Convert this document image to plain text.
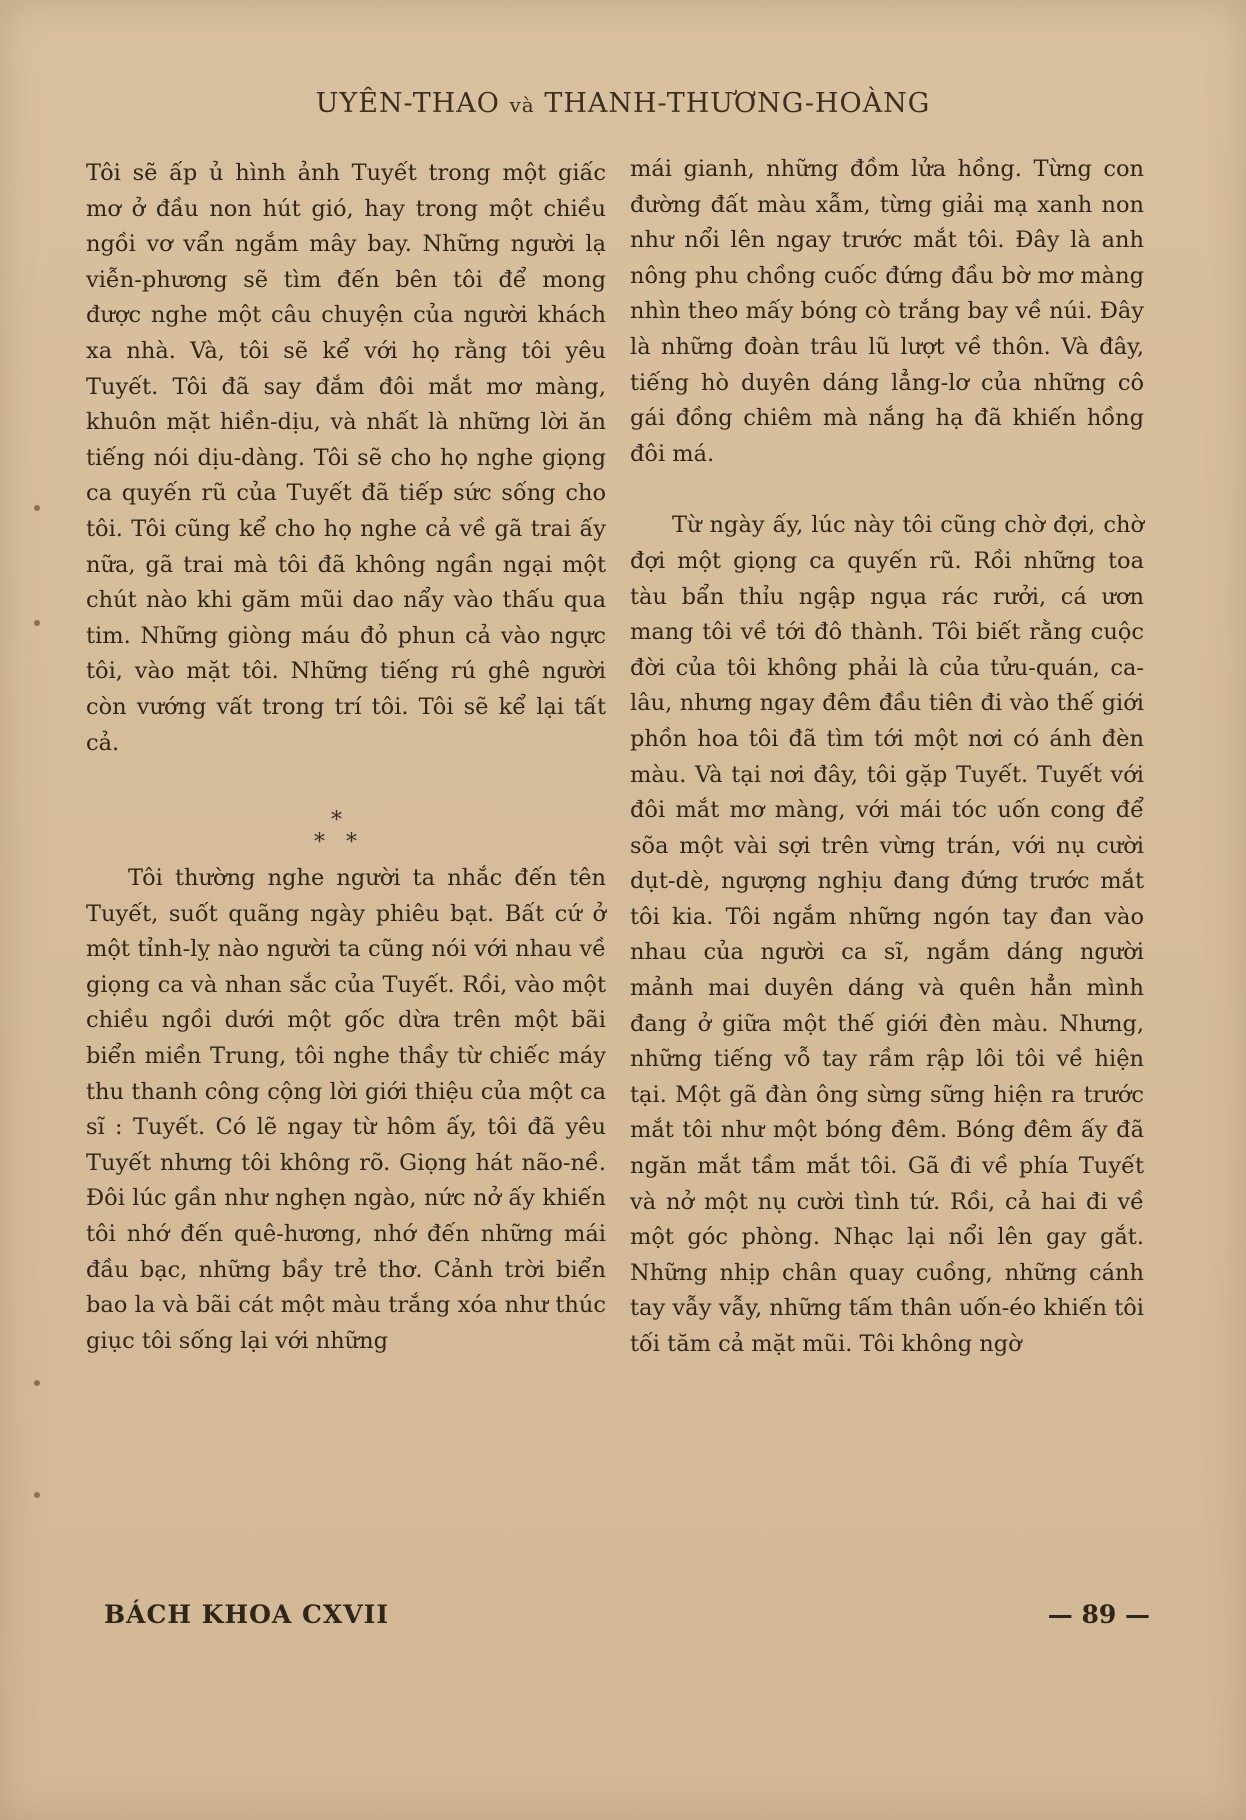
UYÊN-THAO và THANH-THƯƠNG-HOÀNG

Tôi sẽ ấp ủ hình ảnh Tuyết trong một giấc mơ ở đầu non hút gió, hay trong một chiều ngồi vơ vẩn ngắm mây bay. Những người lạ viễn-phương sẽ tìm đến bên tôi để mong được nghe một câu chuyện của người khách xa nhà. Và, tôi sẽ kể với họ rằng tôi yêu Tuyết. Tôi đã say đắm đôi mắt mơ màng, khuôn mặt hiền-dịu, và nhất là những lời ăn tiếng nói dịu-dàng. Tôi sẽ cho họ nghe giọng ca quyến rũ của Tuyết đã tiếp sức sống cho tôi. Tôi cũng kể cho họ nghe cả về gã trai ấy nữa, gã trai mà tôi đã không ngần ngại một chút nào khi găm mũi dao nẩy vào thấu qua tim. Những giòng máu đỏ phun cả vào ngực tôi, vào mặt tôi. Những tiếng rú ghê người còn vướng vất trong trí tôi. Tôi sẽ kể lại tất cả.

*
* *

Tôi thường nghe người ta nhắc đến tên Tuyết, suốt quãng ngày phiêu bạt. Bất cứ ở một tỉnh-lỵ nào người ta cũng nói với nhau về giọng ca và nhan sắc của Tuyết. Rồi, vào một chiều ngồi dưới một gốc dừa trên một bãi biển miền Trung, tôi nghe thầy từ chiếc máy thu thanh công cộng lời giới thiệu của một ca sĩ : Tuyết. Có lẽ ngay từ hôm ấy, tôi đã yêu Tuyết nhưng tôi không rõ. Giọng hát não-nề. Đôi lúc gần như nghẹn ngào, nức nở ấy khiến tôi nhớ đến quê-hương, nhớ đến những mái đầu bạc, những bầy trẻ thơ. Cảnh trời biển bao la và bãi cát một màu trắng xóa như thúc giục tôi sống lại với những

mái gianh, những đồm lửa hồng. Từng con đường đất màu xẫm, từng giải mạ xanh non như nổi lên ngay trước mắt tôi. Đây là anh nông phu chồng cuốc đứng đầu bờ mơ màng nhìn theo mấy bóng cò trắng bay về núi. Đây là những đoàn trâu lũ lượt về thôn. Và đây, tiếng hò duyên dáng lẳng-lơ của những cô gái đồng chiêm mà nắng hạ đã khiến hồng đôi má.

Từ ngày ấy, lúc này tôi cũng chờ đợi, chờ đợi một giọng ca quyến rũ. Rồi những toa tàu bẩn thỉu ngập ngụa rác rưởi, cá ươn mang tôi về tới đô thành. Tôi biết rằng cuộc đời của tôi không phải là của tửu-quán, ca-lâu, nhưng ngay đêm đầu tiên đi vào thế giới phồn hoa tôi đã tìm tới một nơi có ánh đèn màu. Và tại nơi đây, tôi gặp Tuyết. Tuyết với đôi mắt mơ màng, với mái tóc uốn cong để sõa một vài sợi trên vừng trán, với nụ cười dụt-dè, ngượng nghịu đang đứng trước mắt tôi kia. Tôi ngắm những ngón tay đan vào nhau của người ca sĩ, ngắm dáng người mảnh mai duyên dáng và quên hẳn mình đang ở giữa một thế giới đèn màu. Nhưng, những tiếng vỗ tay rầm rập lôi tôi về hiện tại. Một gã đàn ông sừng sững hiện ra trước mắt tôi như một bóng đêm. Bóng đêm ấy đã ngăn mắt tầm mắt tôi. Gã đi về phía Tuyết và nở một nụ cười tình tứ. Rồi, cả hai đi về một góc phòng. Nhạc lại nổi lên gay gắt. Những nhịp chân quay cuồng, những cánh tay vẫy vẫy, những tấm thân uốn-éo khiến tôi tối tăm cả mặt mũi. Tôi không ngờ

BÁCH KHOA CXVII	— 89 —
